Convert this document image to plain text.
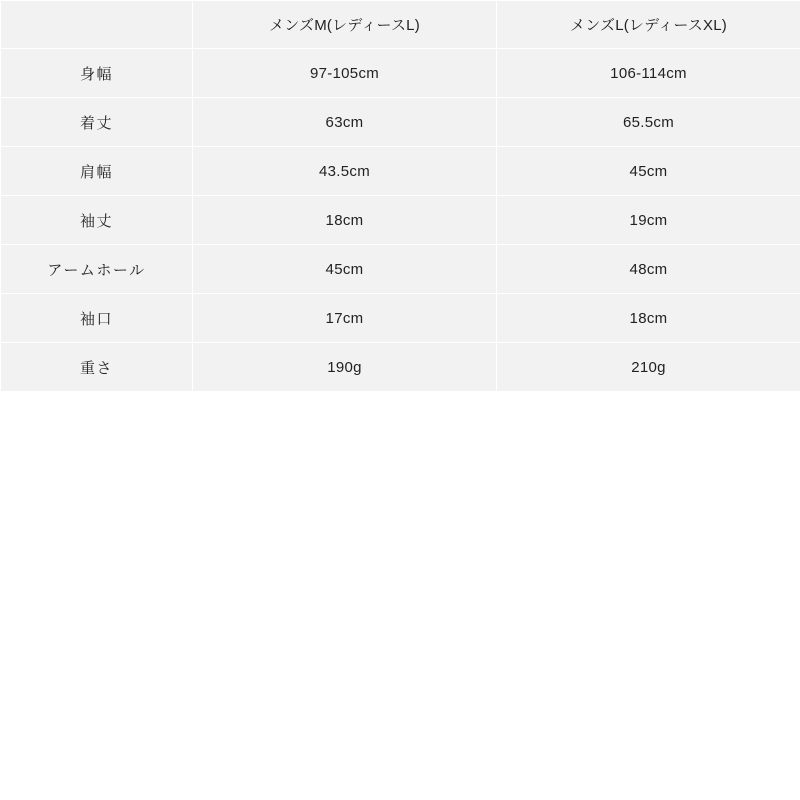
	メンズM(レディースL)	メンズL(レディースXL)
身幅	97-105cm	106-114cm
着丈	63cm	65.5cm
肩幅	43.5cm	45cm
袖丈	18cm	19cm
アームホール	45cm	48cm
袖口	17cm	18cm
重さ	190g	210g
